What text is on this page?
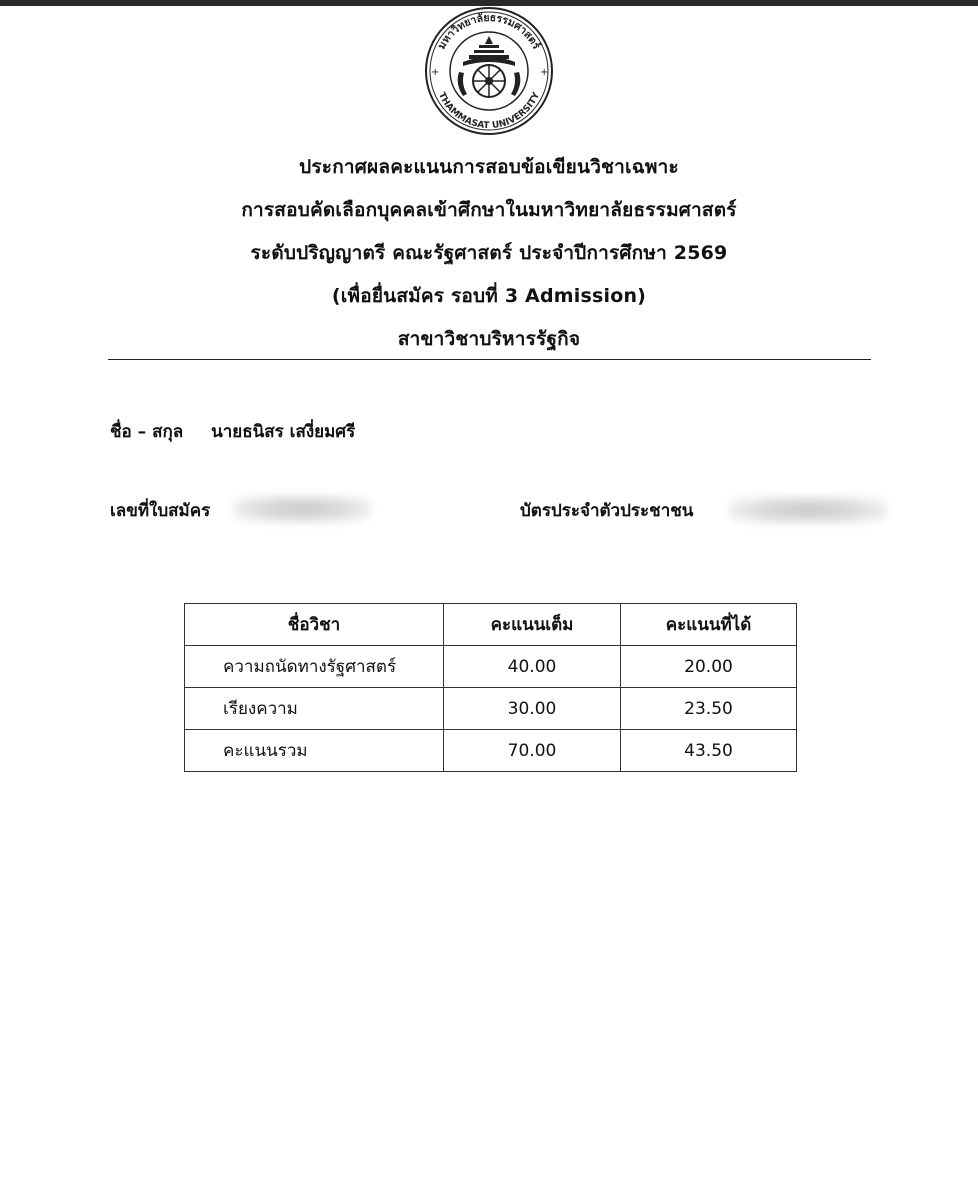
มหาวิทยาลัยธรรมศาสตร์
THAMMASAT UNIVERSITY
+	+
ประกาศผลคะแนนการสอบข้อเขียนวิชาเฉพาะ
การสอบคัดเลือกบุคคลเข้าศึกษาในมหาวิทยาลัยธรรมศาสตร์
ระดับปริญญาตรี คณะรัฐศาสตร์ ประจำปีการศึกษา 2569
(เพื่อยื่นสมัคร รอบที่ 3 Admission)
สาขาวิชาบริหารรัฐกิจ
ชื่อ – สกุล นายธนิสร เสงี่ยมศรี
เลขที่ใบสมัคร	บัตรประจำตัวประชาชน
ชื่อวิชา	คะแนนเต็ม	คะแนนที่ได้
ความถนัดทางรัฐศาสตร์	40.00	20.00
เรียงความ	30.00	23.50
คะแนนรวม	70.00	43.50
